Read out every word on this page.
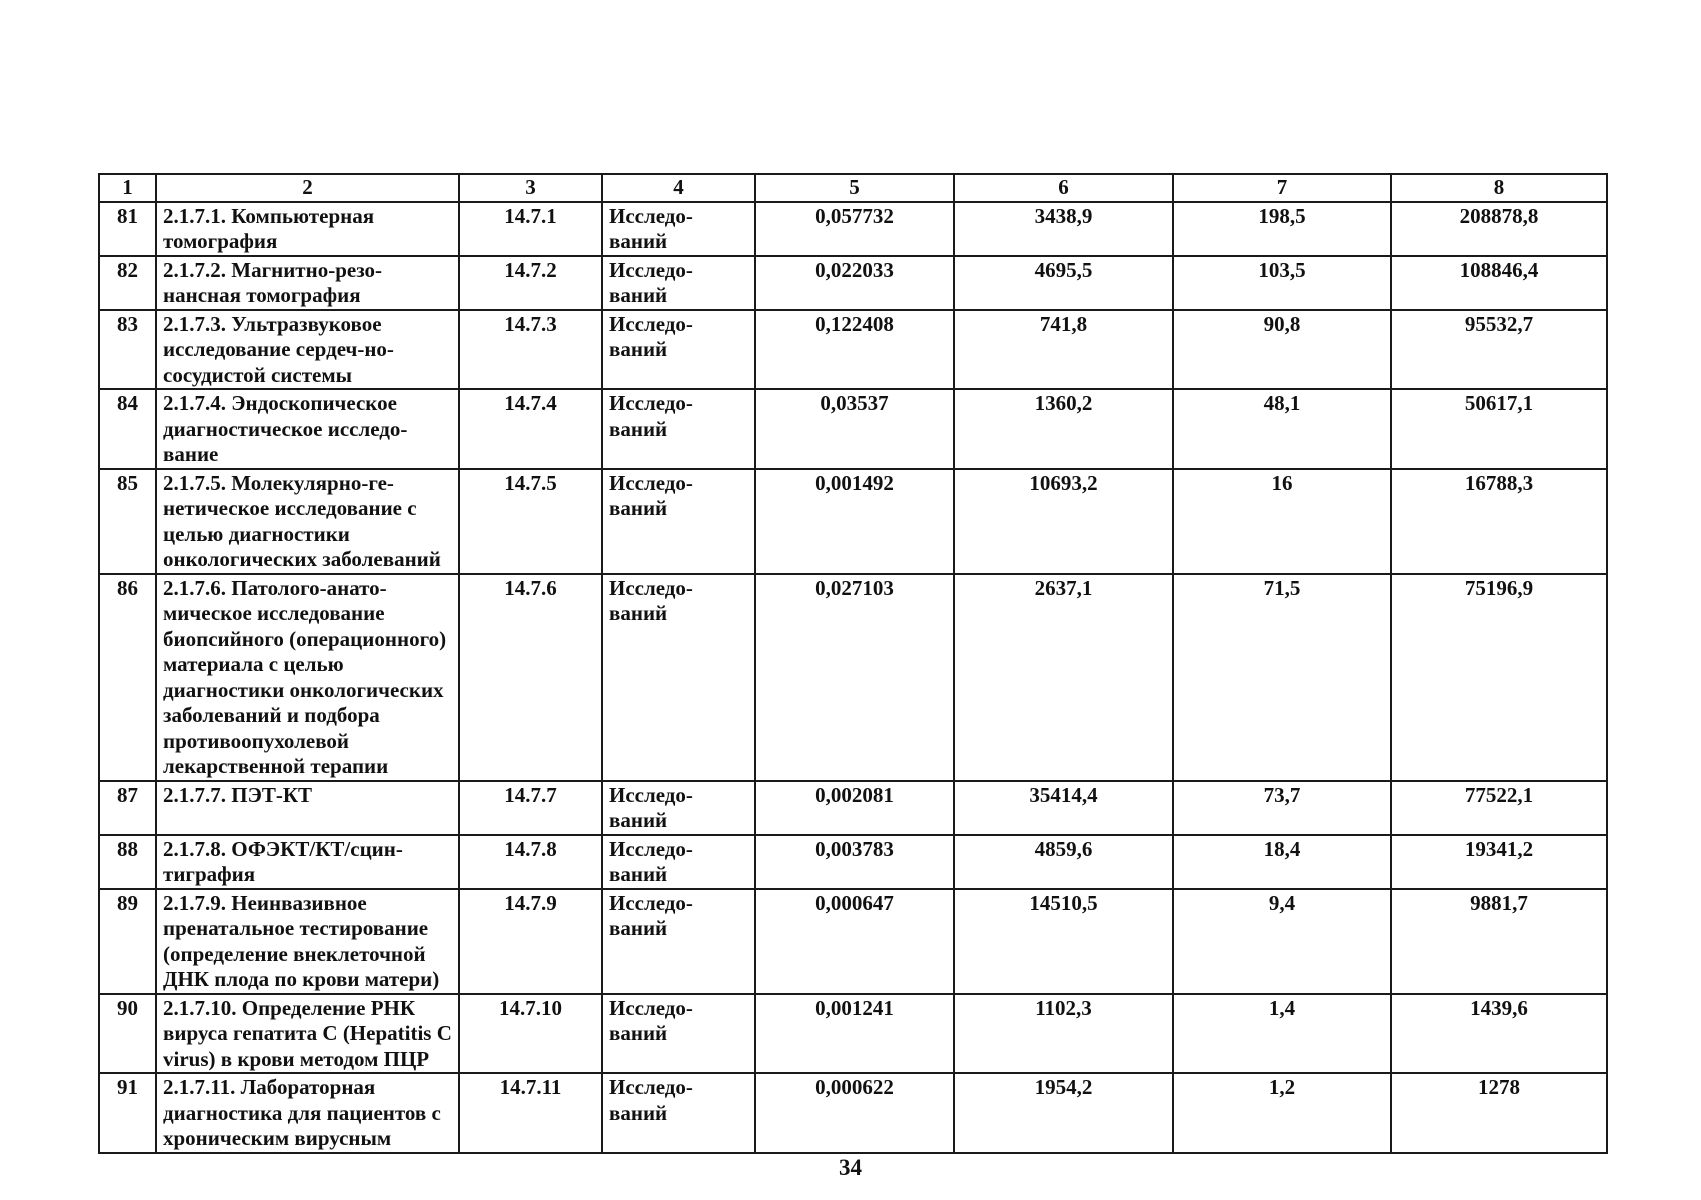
1	2	3	4	5	6	7	8
81	2.1.7.1. Компьютерная томография	14.7.1	Исследо-ваний	0,057732	3438,9	198,5	208878,8
82	2.1.7.2. Магнитно-резо-нансная томография	14.7.2	Исследо-ваний	0,022033	4695,5	103,5	108846,4
83	2.1.7.3. Ультразвуковое исследование сердеч-но-сосудистой системы	14.7.3	Исследо-ваний	0,122408	741,8	90,8	95532,7
84	2.1.7.4. Эндоскопическое диагностическое исследо-вание	14.7.4	Исследо-ваний	0,03537	1360,2	48,1	50617,1
85	2.1.7.5. Молекулярно-ге-нетическое исследование с целью диагностики онкологических заболеваний	14.7.5	Исследо-ваний	0,001492	10693,2	16	16788,3
86	2.1.7.6. Патолого-анато-мическое исследование биопсийного (операционного) материала с целью диагностики онкологических заболеваний и подбора противоопухолевой лекарственной терапии	14.7.6	Исследо-ваний	0,027103	2637,1	71,5	75196,9
87	2.1.7.7. ПЭТ-КТ	14.7.7	Исследо-ваний	0,002081	35414,4	73,7	77522,1
88	2.1.7.8. ОФЭКТ/КТ/сцин-тиграфия	14.7.8	Исследо-ваний	0,003783	4859,6	18,4	19341,2
89	2.1.7.9. Неинвазивное пренатальное тестирование (определение внеклеточной ДНК плода по крови матери)	14.7.9	Исследо-ваний	0,000647	14510,5	9,4	9881,7
90	2.1.7.10. Определение РНК вируса гепатита С (Hepatitis C virus) в крови методом ПЦР	14.7.10	Исследо-ваний	0,001241	1102,3	1,4	1439,6
91	2.1.7.11. Лабораторная диагностика для пациентов с хроническим вирусным	14.7.11	Исследо-ваний	0,000622	1954,2	1,2	1278
34
